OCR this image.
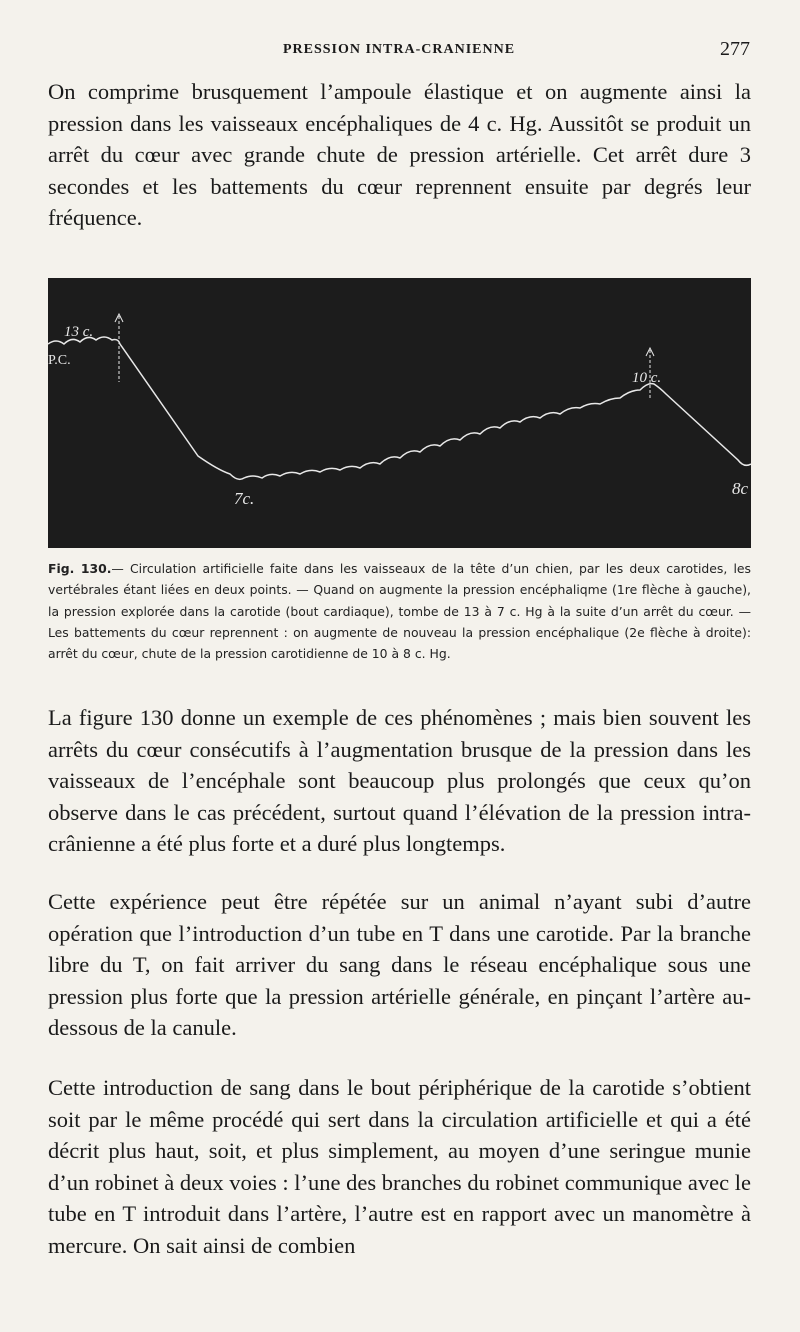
PRESSION INTRA-CRANIENNE	277

On comprime brusquement l’ampoule élastique et on augmente ainsi la pression dans les vaisseaux encéphaliques de 4 c. Hg. Aussitôt se produit un arrêt du cœur avec grande chute de pression artérielle. Cet arrêt dure 3 secondes et les battements du cœur reprennent ensuite par degrés leur fréquence.

13 c.
P.C.
7c.
10 c.
8c

Fig. 130.— Circulation artificielle faite dans les vaisseaux de la tête d’un chien, par les deux carotides, les vertébrales étant liées en deux points. — Quand on augmente la pression encéphaliqme (1re flèche à gauche), la pression explorée dans la carotide (bout cardiaque), tombe de 13 à 7 c. Hg à la suite d’un arrêt du cœur. — Les battements du cœur reprennent : on augmente de nouveau la pression encéphalique (2e flèche à droite): arrêt du cœur, chute de la pression carotidienne de 10 à 8 c. Hg.

La figure 130 donne un exemple de ces phénomènes ; mais bien souvent les arrêts du cœur consécutifs à l’augmentation brusque de la pression dans les vaisseaux de l’encéphale sont beaucoup plus prolongés que ceux qu’on observe dans le cas précédent, surtout quand l’élévation de la pression intra-crânienne a été plus forte et a duré plus longtemps.

Cette expérience peut être répétée sur un animal n’ayant subi d’autre opération que l’introduction d’un tube en T dans une carotide. Par la branche libre du T, on fait arriver du sang dans le réseau encéphalique sous une pression plus forte que la pression artérielle générale, en pinçant l’artère au-dessous de la canule.

Cette introduction de sang dans le bout périphérique de la carotide s’obtient soit par le même procédé qui sert dans la circulation artificielle et qui a été décrit plus haut, soit, et plus simplement, au moyen d’une seringue munie d’un robinet à deux voies : l’une des branches du robinet communique avec le tube en T introduit dans l’artère, l’autre est en rapport avec un manomètre à mercure. On sait ainsi de combien
